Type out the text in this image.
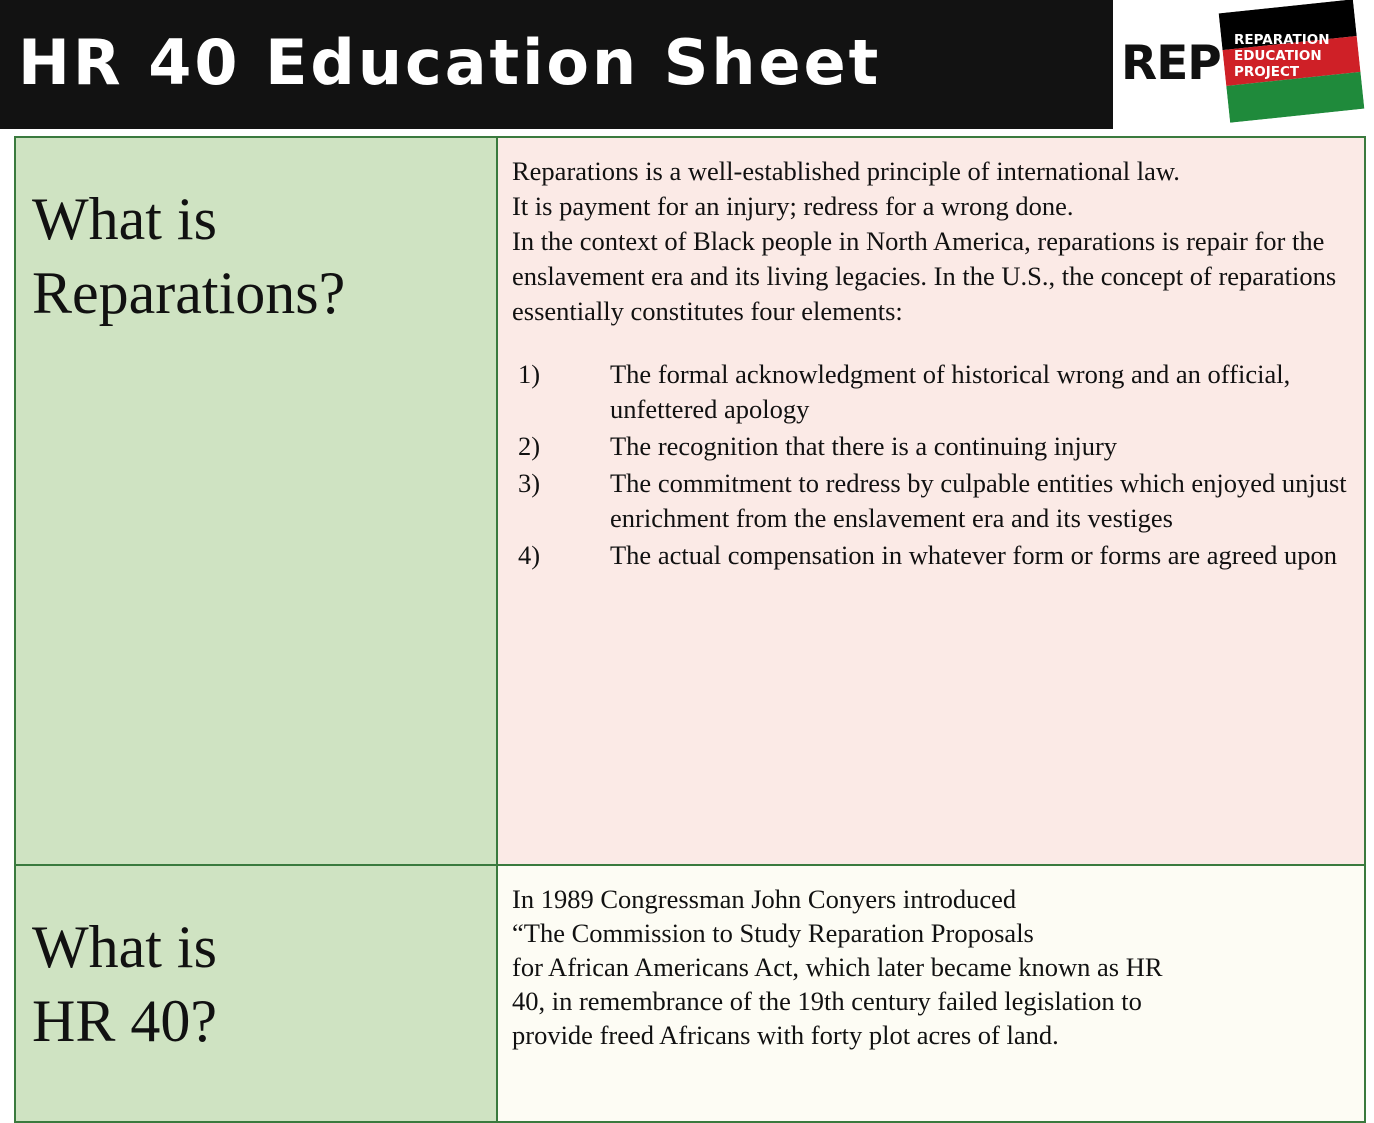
HR 40 Education Sheet	REP REPARATION
EDUCATION
PROJECT
What is
Reparations?

Reparations is a well-established principle of international law.

It is payment for an injury; redress for a wrong done.

In the context of Black people in North America, reparations is repair for the enslavement era and its living legacies. In the U.S., the concept of reparations essentially constitutes four elements:

1)	The formal acknowledgment of historical wrong and an official, unfettered apology
2)	The recognition that there is a continuing injury
3)	The commitment to redress by culpable entities which enjoyed unjust enrichment from the enslavement era and its vestiges
4)	The actual compensation in whatever form or forms are agreed upon
What is
HR 40?

In 1989 Congressman John Conyers introduced
“The Commission to Study Reparation Proposals
for African Americans Act, which later became known as HR
40, in remembrance of the 19th century failed legislation to
provide freed Africans with forty plot acres of land.
